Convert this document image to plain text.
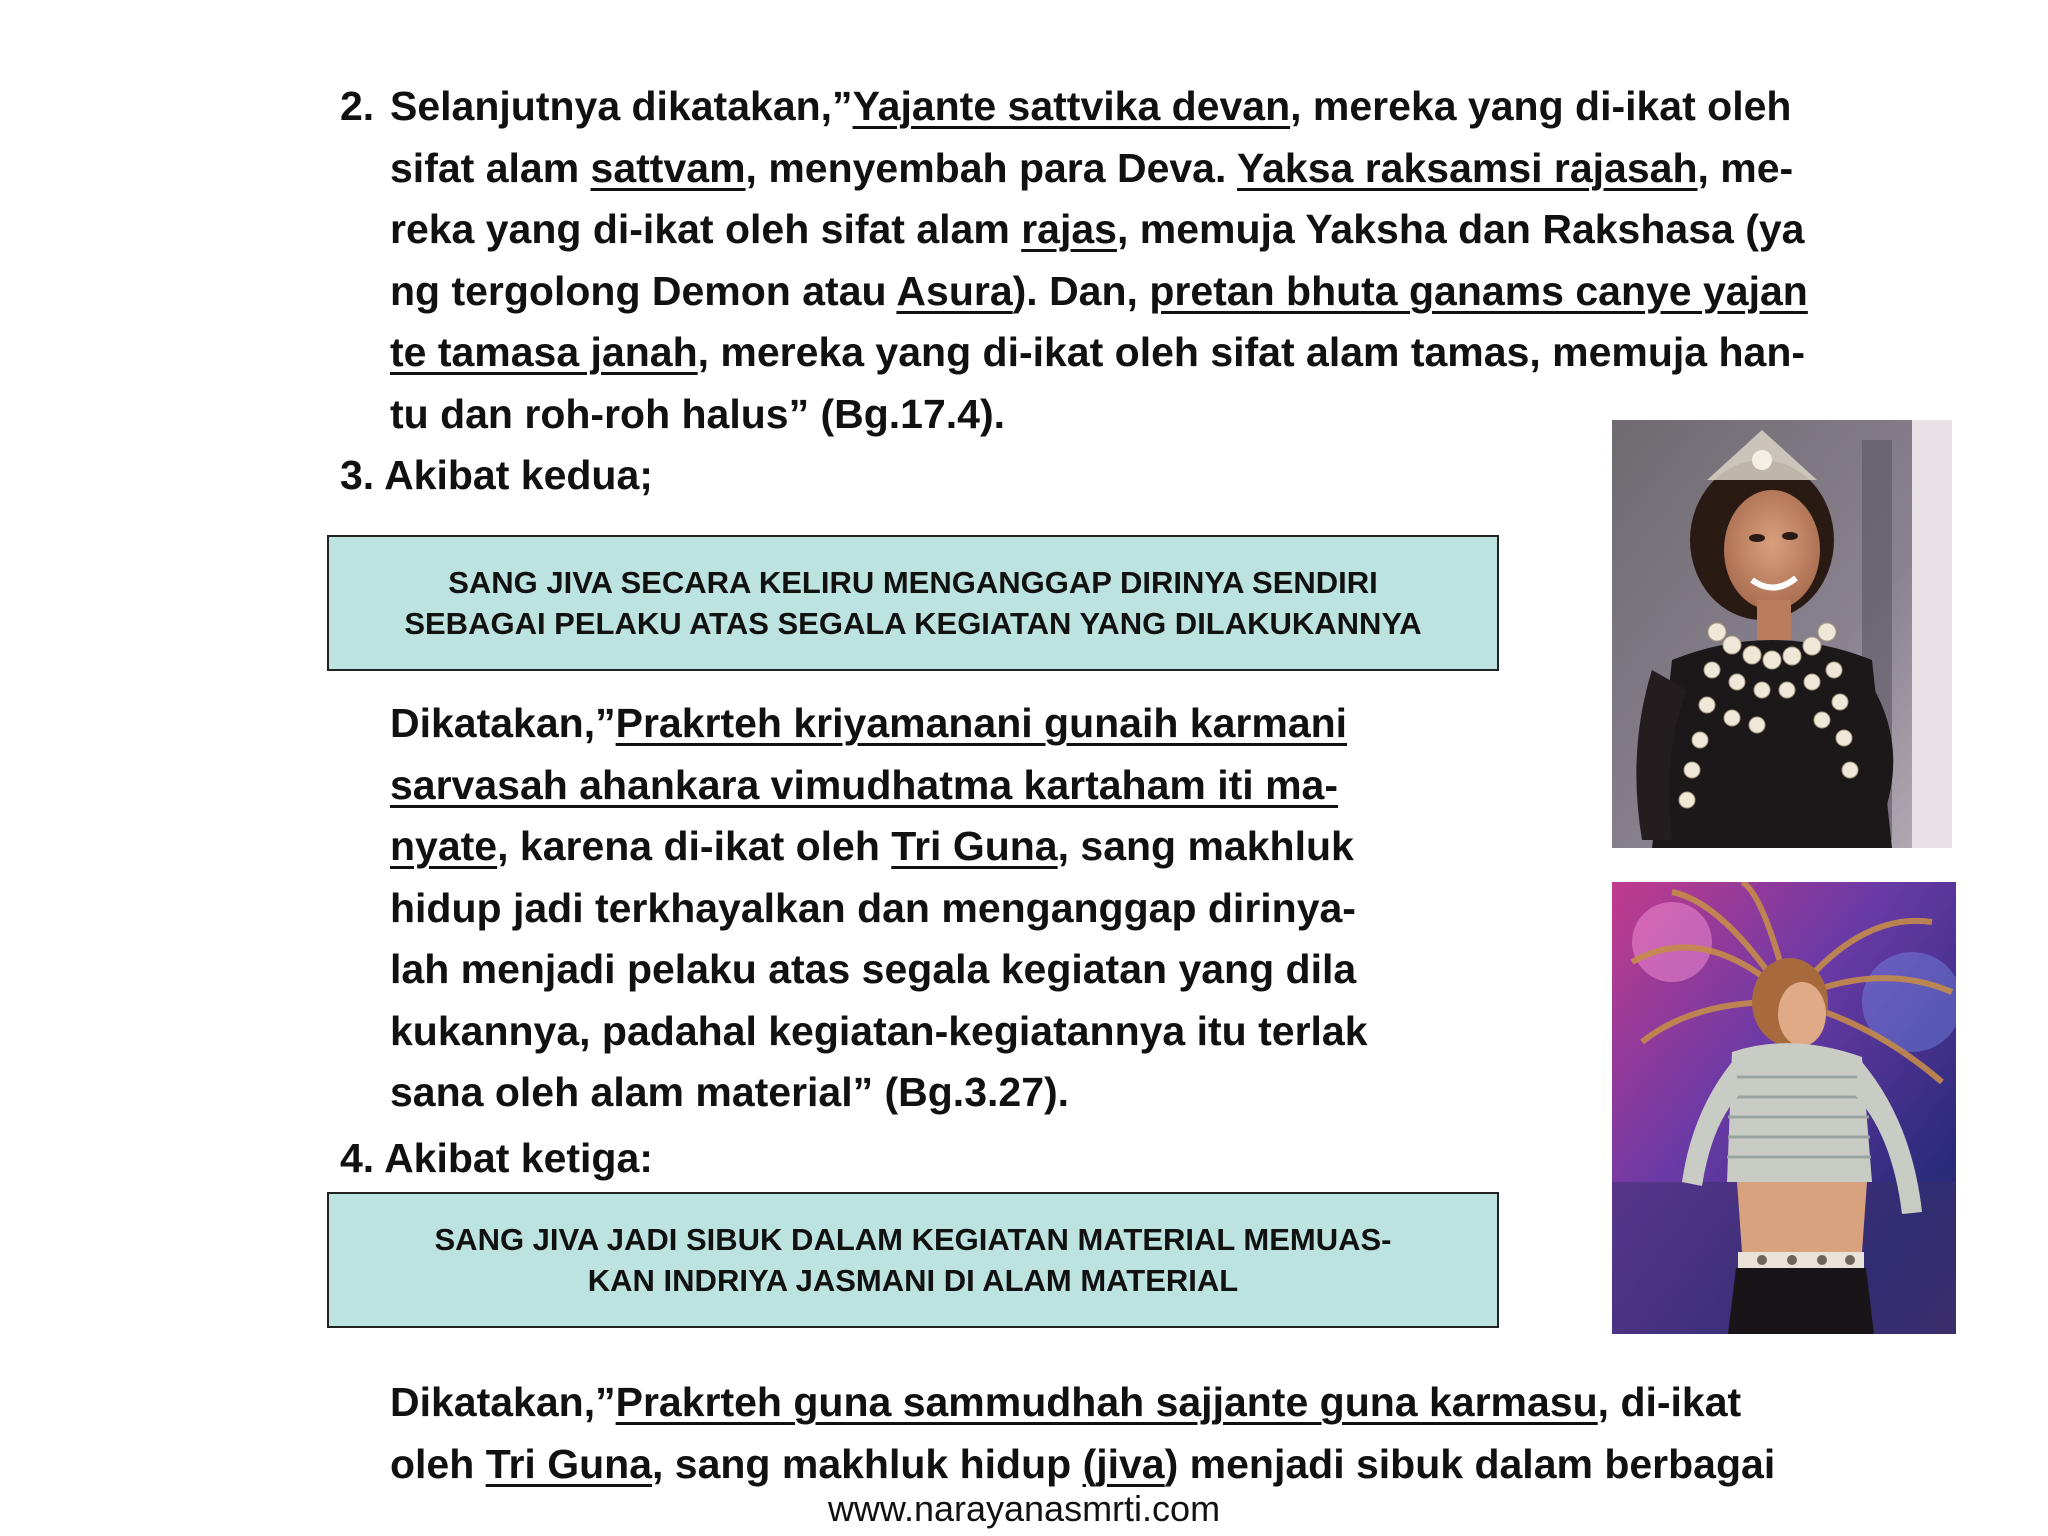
2. Selanjutnya dikatakan,”Yajante sattvika devan, mereka yang di-ikat oleh
sifat alam sattvam, menyembah para Deva. Yaksa raksamsi rajasah, me-
reka yang di-ikat oleh sifat alam rajas, memuja Yaksha dan Rakshasa (ya
ng tergolong Demon atau Asura). Dan, pretan bhuta ganams canye yajan
te tamasa janah, mereka yang di-ikat oleh sifat alam tamas, memuja han-
tu dan roh-roh halus” (Bg.17.4).
3. Akibat kedua;
SANG JIVA SECARA KELIRU MENGANGGAP DIRINYA SENDIRI
SEBAGAI PELAKU ATAS SEGALA KEGIATAN YANG DILAKUKANNYA
Dikatakan,”Prakrteh kriyamanani gunaih karmani
sarvasah ahankara vimudhatma kartaham iti ma-
nyate, karena di-ikat oleh Tri Guna, sang makhluk
hidup jadi terkhayalkan dan menganggap dirinya-
lah menjadi pelaku atas segala kegiatan yang dila
kukannya, padahal kegiatan-kegiatannya itu terlak
sana oleh alam material” (Bg.3.27).
4. Akibat ketiga:
SANG JIVA JADI SIBUK DALAM KEGIATAN MATERIAL MEMUAS-
KAN INDRIYA JASMANI DI ALAM MATERIAL
Dikatakan,”Prakrteh guna sammudhah sajjante guna karmasu, di-ikat
oleh Tri Guna, sang makhluk hidup (jiva) menjadi sibuk dalam berbagai
www.narayanasmrti.com
